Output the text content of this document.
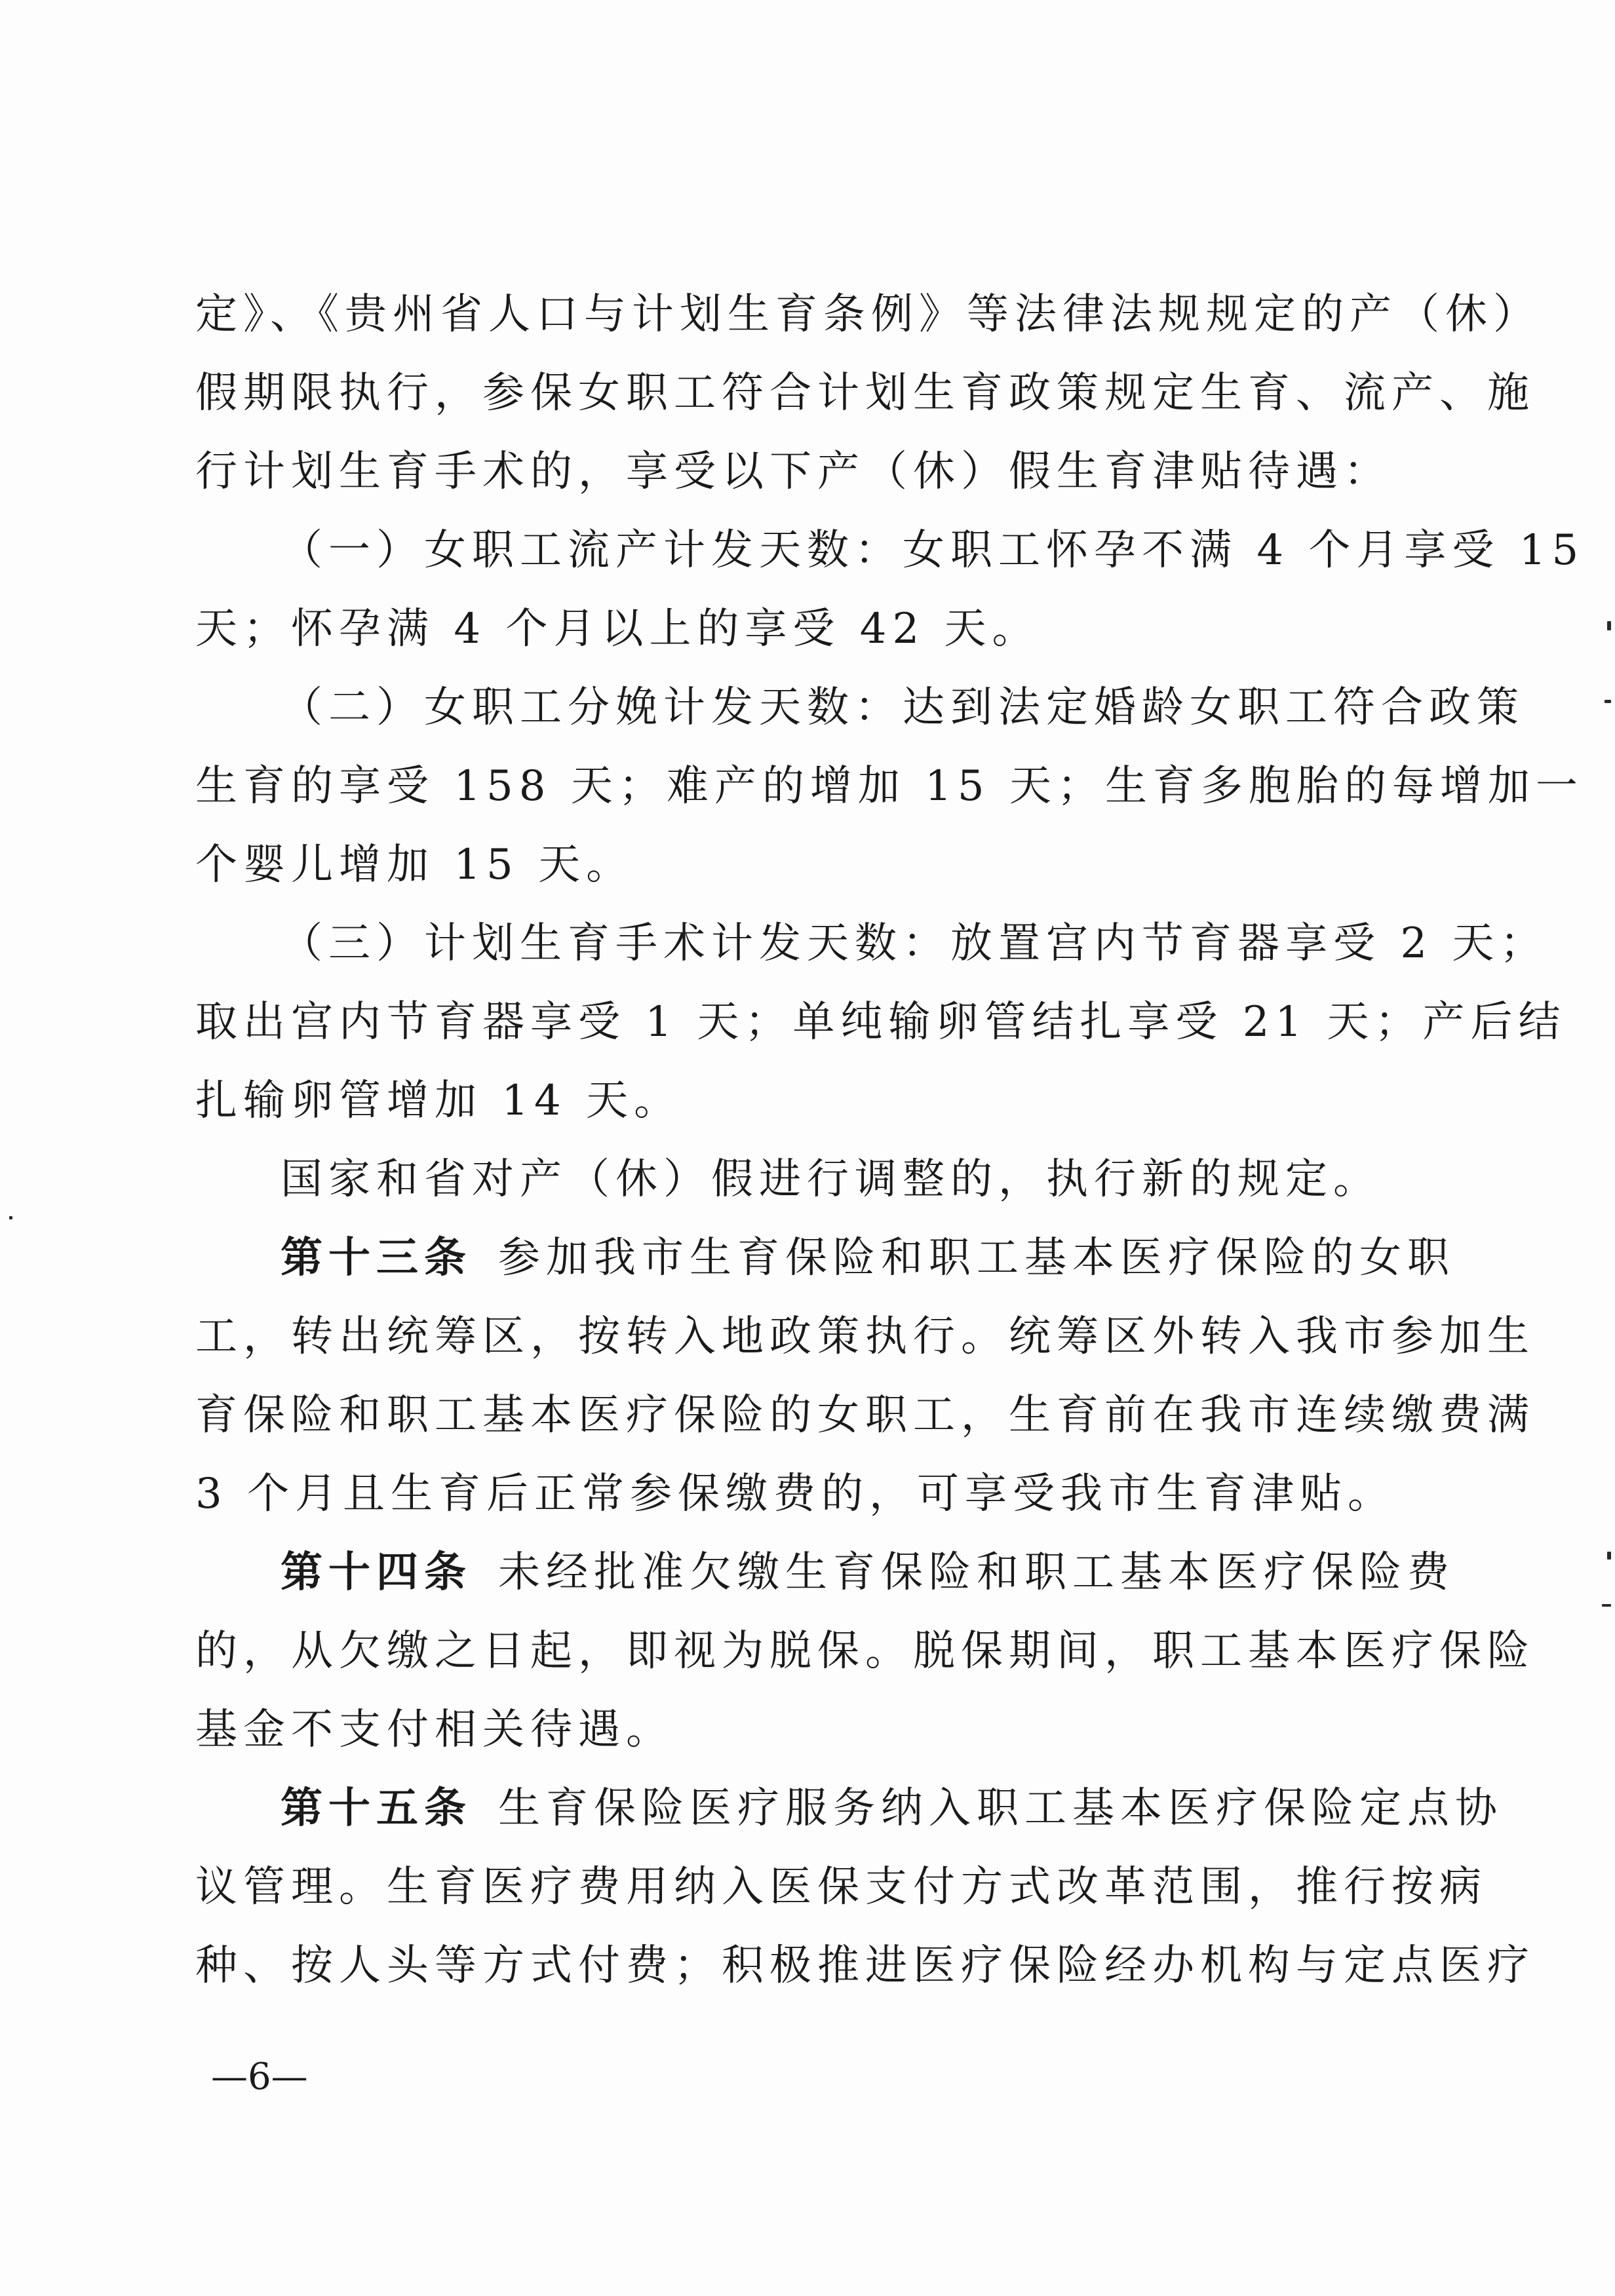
定》、《贵州省人口与计划生育条例》等法律法规规定的产（休）
假期限执行，参保女职工符合计划生育政策规定生育、流产、施
行计划生育手术的，享受以下产（休）假生育津贴待遇：
（一）女职工流产计发天数：女职工怀孕不满 4 个月享受 15
天；怀孕满 4 个月以上的享受 42 天。
（二）女职工分娩计发天数：达到法定婚龄女职工符合政策
生育的享受 158 天；难产的增加 15 天；生育多胞胎的每增加一
个婴儿增加 15 天。
（三）计划生育手术计发天数：放置宫内节育器享受 2 天；
取出宫内节育器享受 1 天；单纯输卵管结扎享受 21 天；产后结
扎输卵管增加 14 天。
国家和省对产（休）假进行调整的，执行新的规定。
第十三条 参加我市生育保险和职工基本医疗保险的女职
工，转出统筹区，按转入地政策执行。统筹区外转入我市参加生
育保险和职工基本医疗保险的女职工，生育前在我市连续缴费满
3 个月且生育后正常参保缴费的，可享受我市生育津贴。
第十四条 未经批准欠缴生育保险和职工基本医疗保险费
的，从欠缴之日起，即视为脱保。脱保期间，职工基本医疗保险
基金不支付相关待遇。
第十五条 生育保险医疗服务纳入职工基本医疗保险定点协
议管理。生育医疗费用纳入医保支付方式改革范围，推行按病
种、按人头等方式付费；积极推进医疗保险经办机构与定点医疗
—6—
